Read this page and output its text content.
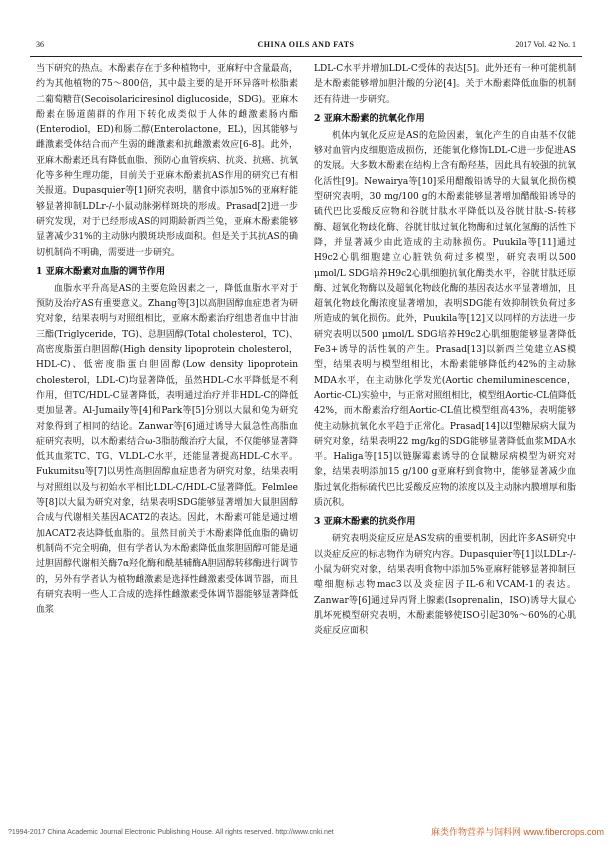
36	CHINA OILS AND FATS	2017 Vol. 42 No. 1

当下研究的热点。木酚素存在于多种植物中，亚麻籽中含量最高，约为其他植物的75～800倍，其中最主要的是开环异落叶松脂素二葡萄糖苷(Secoisolariciresinol diglucoside，SDG)。亚麻木酚素在肠道菌群的作用下转化成类似于人体的雌激素肠内酯(Enterodiol，ED)和肠二醇(Enterolactone，EL)，因其能够与雌激素受体结合而产生弱的雌激素和抗雌激素效应[6-8]。此外，亚麻木酚素还具有降低血脂、预防心血管疾病、抗炎、抗癌、抗氧化等多种生理功能，目前关于亚麻木酚素抗AS作用的研究已有相关报道。Dupasquier等[1]研究表明，膳食中添加5%的亚麻籽能够显著抑制LDLr-/-小鼠动脉粥样斑块的形成。Prasad[2]进一步研究发现，对于已经形成AS的同期龄新西兰兔，亚麻木酚素能够显著减少31%的主动脉内膜斑块形成面积。但是关于其抗AS的确切机制尚不明确，需要进一步研究。

1 亚麻木酚素对血脂的调节作用

血脂水平升高是AS的主要危险因素之一，降低血脂水平对于预防及治疗AS有重要意义。Zhang等[3]以高胆固醇血症患者为研究对象，结果表明与对照组相比，亚麻木酚素治疗组患者血中甘油三酯(Triglyceride，TG)、总胆固醇(Total cholesterol，TC)、高密度脂蛋白胆固醇(High density lipoprotein cholesterol，HDL-C)、低密度脂蛋白胆固醇(Low density lipoprotein cholesterol，LDL-C)均显著降低，虽然HDL-C水平降低是不利作用，但TC/HDL-C显著降低，表明通过治疗并非HDL-C的降低更加显著。Al-Jumaily等[4]和Park等[5]分别以大鼠和兔为研究对象得到了相同的结论。Zanwar等[6]通过诱导大鼠急性高脂血症研究表明，以木酚素结合ω-3脂肪酸治疗大鼠，不仅能够显著降低其血浆TC、TG、VLDL-C水平，还能显著提高HDL-C水平。Fukumitsu等[7]以男性高胆固醇血症患者为研究对象，结果表明与对照组以及与初始水平相比LDL-C/HDL-C显著降低。Felmlee等[8]以大鼠为研究对象，结果表明SDG能够显著增加大鼠胆固醇合成与代谢相关基因ACAT2的表达。因此，木酚素可能是通过增加ACAT2表达降低血脂的。虽然目前关于木酚素降低血脂的确切机制尚不完全明确，但有学者认为木酚素降低血浆胆固醇可能是通过胆固醇代谢相关酶7α羟化酶和酰基辅酶A胆固醇转移酶进行调节的，另外有学者认为植物雌激素是选择性雌激素受体调节器，而且有研究表明一些人工合成的选择性雌激素受体调节器能够显著降低血浆

LDL-C水平并增加LDL-C受体的表达[5]。此外还有一种可能机制是木酚素能够增加胆汁酸的分泌[4]。关于木酚素降低血脂的机制还有待进一步研究。

2 亚麻木酚素的抗氧化作用

机体内氧化反应是AS的危险因素，氧化产生的自由基不仅能够对血管内皮细胞造成损伤，还能氧化修饰LDL-C进一步促进AS的发展。大多数木酚素在结构上含有酚羟基，因此具有较强的抗氧化活性[9]。Newairya等[10]采用醋酸铅诱导的大鼠氧化损伤模型研究表明，30 mg/100 g的木酚素能够显著增加醋酸铅诱导的硫代巴比妥酸反应物和谷胱甘肽水平降低以及谷胱甘肽-S-转移酶、超氧化物歧化酶、谷胱甘肽过氧化物酶和过氧化氢酶的活性下降，并显著减少由此造成的主动脉损伤。Puukila等[11]通过H9c2心肌细胞建立心脏铁负荷过多模型，研究表明以500 μmol/L SDG培养H9c2心肌细胞抗氧化酶类水平，谷胱甘肽还原酶、过氧化物酶以及超氧化物歧化酶的基因表达水平显著增加，且超氧化物歧化酶浓度显著增加，表明SDG能有效抑制铁负荷过多所造成的氧化损伤。此外，Puukila等[12]又以同样的方法进一步研究表明以500 μmol/L SDG培养H9c2心肌细胞能够显著降低Fe3+诱导的活性氧的产生。Prasad[13]以新西兰兔建立AS模型，结果表明与模型组相比，木酚素能够降低约42%的主动脉MDA水平，在主动脉化学发光(Aortic chemiluminescence，Aortic-CL)实验中，与正常对照组相比，模型组Aortic-CL值降低42%，而木酚素治疗组Aortic-CL值比模型组高43%，表明能够使主动脉抗氧化水平趋于正常化。Prasad[14]以I型糖尿病大鼠为研究对象，结果表明22 mg/kg的SDG能够显著降低血浆MDA水平。Haliga等[15]以链脲霉素诱导的仓鼠糖尿病模型为研究对象，结果表明添加15 g/100 g亚麻籽到食物中，能够显著减少血脂过氧化指标硫代巴比妥酸反应物的浓度以及主动脉内膜增厚和脂质沉积。

3 亚麻木酚素的抗炎作用

研究表明炎症反应是AS发病的重要机制，因此许多AS研究中以炎症反应的标志物作为研究内容。Dupasquier等[1]以LDLr-/-小鼠为研究对象，结果表明食物中添加5%亚麻籽能够显著抑制巨噬细胞标志物mac3以及炎症因子IL-6和VCAM-1的表达。Zanwar等[6]通过异丙肾上腺素(Isoprenalin，ISO)诱导大鼠心肌坏死模型研究表明，木酚素能够使ISO引起30%～60%的心肌炎症反应面积

?1994-2017 China Academic Journal Electronic Publishing House. All rights reserved. http://www.cnki.net	麻类作物营养与饲料网 www.fibercrops.com
